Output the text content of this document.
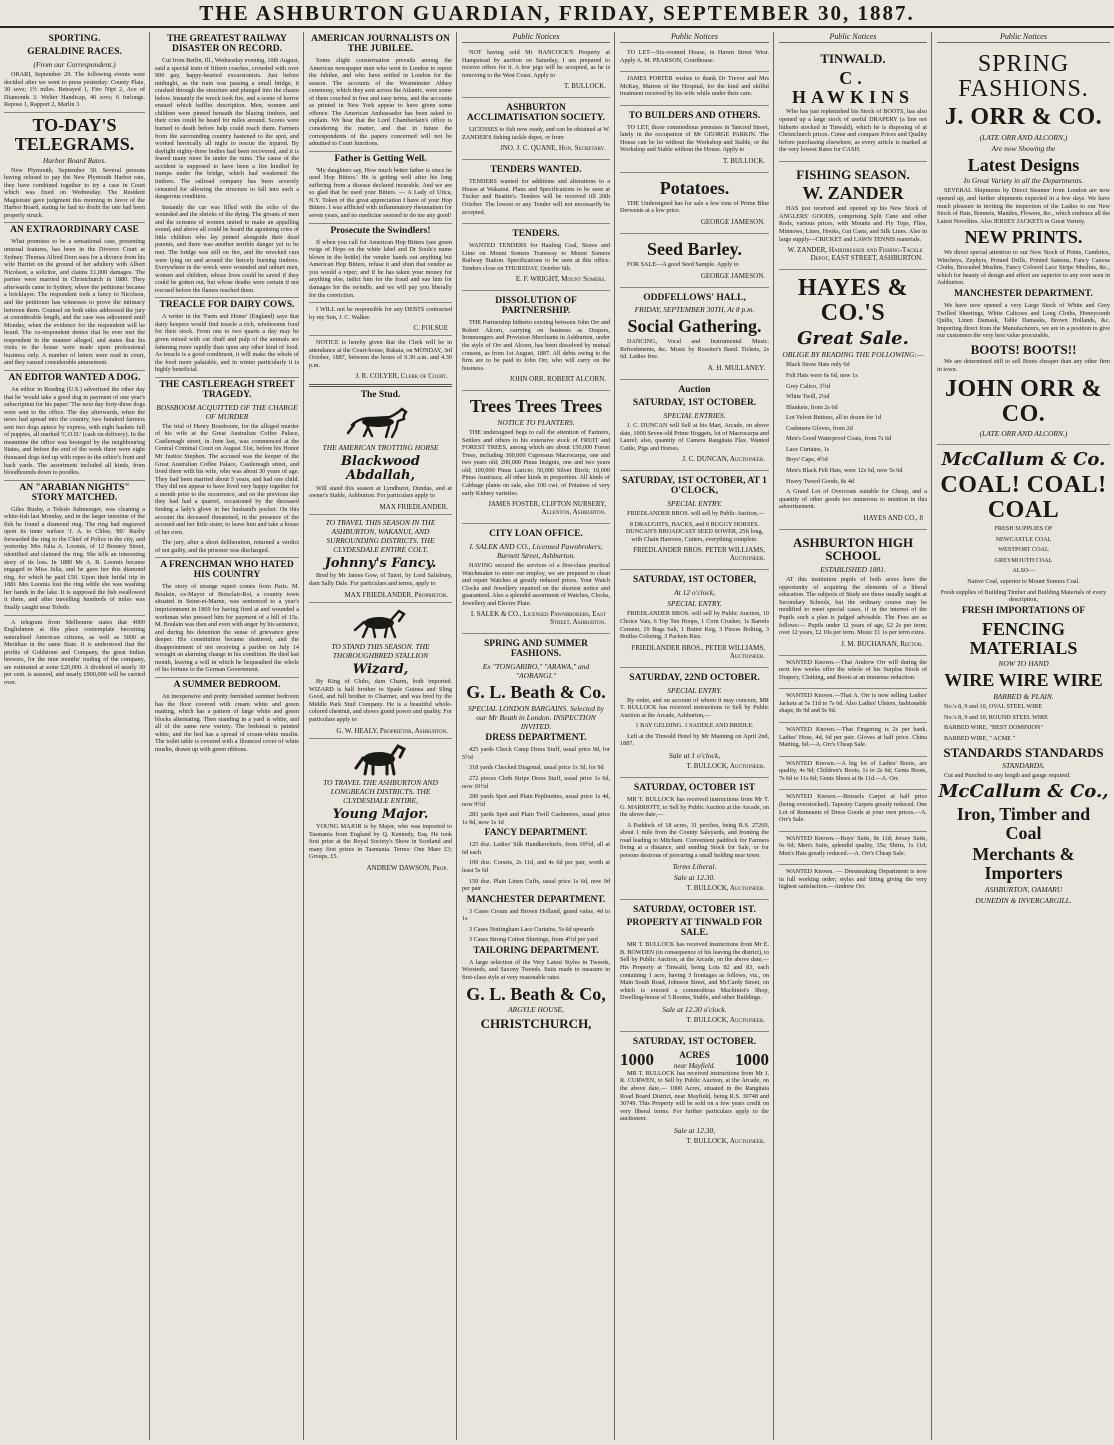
THE ASHBURTON GUARDIAN, FRIDAY, SEPTEMBER 30, 1887.
SPORTING.
GERALDINE RACES.
(From our Correspondent.)

ORARI, September 29. The following events were decided after we went to press yesterday: County Plate, 30 sovs; 1½ miles. Betrayed 1, Fire Nipt 2, Ace of Diamonds 3. Welter Handicap, 40 sovs; 6 furlongs. Repose 1, Rapport 2, Marlin 3.

TO-DAY'S TELEGRAMS.
Harbor Board Rates.

New Plymouth, September 30. Several persons having refused to pay the New Plymouth Harbor rate, they have combined together to try a case in Court which was fixed on Wednesday. The Resident Magistrate gave judgment this morning in favor of the Harbor Board, stating he had no doubt the rate had been properly struck.

AN EXTRAORDINARY CASE

What promises to be a sensational case, presenting unusual features, has been in the Divorce Court at Sydney. Thomas Alfred Dorn sues for a divorce from his wife Harriet on the ground of her adultery with Albert Nicolson, a solicitor, and claims £1,000 damages. The parties were married in Christchurch in 1880. They afterwards came to Sydney, where the petitioner became a bricklayer. The respondent took a fancy to Nicolson, and the petitioner has witnesses to prove the intimacy between them. Counsel on both sides addressed the jury at considerable length, and the case was adjourned until Monday, when the evidence for the respondent will be heard. The co-respondent denies that he ever met the respondent in the manner alleged, and states that his visits to the house were made upon professional business only. A number of letters were read in court, and they caused considerable amusement.

AN EDITOR WANTED A DOG.

An editor in Reading (U.S.) advertised the other day that he 'would take a good dog in payment of one year's subscription for his paper.' The next day forty-three dogs were sent to the office. The day afterwards, when the news had spread into the country, two hundred farmers sent two dogs apiece by express, with eight baskets full of puppies, all marked 'C.O.D.' (cash on delivery). In the meantime the office was besieged by the neighbouring States, and before the end of the week there were eight thousand dogs tied up with ropes to the editor's front and back yards. The assortment included all kinds, from bloodhounds down to poodles.

AN "ARABIAN NIGHTS" STORY MATCHED.

Giles Rusby, a Toledo fishmonger, was cleaning a white-fish last Monday, and in the larger intestine of the fish he found a diamond ring. The ring had engraved upon its inner surface 'J. A. to Chloe, '80.' Rusby forwarded the ring to the Chief of Police in the city, and yesterday Mrs Julia A. Loomis, of 12 Bonney Street, identified and claimed the ring. She tells an interesting story of its loss. In 1880 Mr A. B. Loomis became engaged to Miss Julia, and he gave her this diamond ring, for which he paid £50. Upon their bridal trip in 1881 Mrs Loomis lost the ring while she was washing her hands in the lake. It is supposed the fish swallowed it there, and after travelling hundreds of miles was finally caught near Toledo.

A telegram from Melbourne states that 4000 Englishmen at this place contemplate becoming naturalised American citizens, as well as 5000 at Meridian in the same State. It is understood that the profits of Goldstone and Company, the great Indian brewers, for the nine months' trading of the company, are estimated at some £20,000. A dividend of nearly 30 per cent. is assured, and nearly £900,000 will be carried over.

THE GREATEST RAILWAY DISASTER ON RECORD.

Cut from Berlin, Ill., Wednesday evening, 10th August, said a special train of fifteen coaches, crowded with over 900 gay, happy-hearted excursionists. Just before midnight, as the train was passing a small bridge, it crashed through the structure and plunged into the chasm below. Instantly the wreck took fire, and a scene of horror ensued which baffles description. Men, women and children were pinned beneath the blazing timbers, and their cries could be heard for miles around. Scores were burned to death before help could reach them. Farmers from the surrounding country hastened to the spot, and worked heroically all night to rescue the injured. By daylight eighty-three bodies had been recovered, and it is feared many more lie under the ruins. The cause of the accident is supposed to have been a fire kindled by tramps under the bridge, which had weakened the timbers. The railroad company has been severely censured for allowing the structure to fall into such a dangerous condition.

Instantly the car was filled with the echo of the wounded and the shrieks of the dying. The groans of men and the screams of women united to make an appalling sound, and above all could be heard the agonising cries of little children who lay pinned alongside their dead parents, and there was another terrible danger yet to be met. The bridge was still on fire, and the wrecked cars were lying on and around the fiercely burning timbers. Everywhere in the wreck were wounded and unhurt men, women and children, whose lives could be saved if they could be gotten out, but whose deaths were certain if not rescued before the flames reached them.

TREACLE FOR DAIRY COWS.

A writer in the 'Farm and Home' (England) says that dairy keepers would find treacle a rich, wholesome food for their stock. From one to two quarts a day may be given mixed with cut chaff and pulp of the animals are fattening more rapidly than upon any other kind of food. As treacle is a good condiment, it will make the whole of the food more palatable, and in winter particularly it is highly beneficial.

THE CASTLEREAGH STREET TRAGEDY.
BOSSBOOM ACQUITTED OF THE CHARGE OF MURDER

The trial of Henry Bossboom, for the alleged murder of his wife at the Great Australian Coffee Palace, Castlereagh street, in June last, was commenced at the Central Criminal Court on August 31st, before his Honor Mr Justice Stephen. The accused was the keeper of the Great Australian Coffee Palace, Castlereagh street, and lived there with his wife, who was about 30 years of age. They had been married about 5 years, and had one child. They did not appear to have lived very happy together for a month prior to the occurrence, and on the previous day they had had a quarrel, occasioned by the deceased finding a lady's glove in her husband's pocket. On this account the deceased threatened, in the presence of the accused and her little sister, to leave him and take a house of her own.

The jury, after a short deliberation, returned a verdict of not guilty, and the prisoner was discharged.

A FRENCHMAN WHO HATED HIS COUNTRY

The story of strange rupert comes from Paris. M. Boulain, ex-Mayor of Boisclair-Roi, a country town situated in Seine-et-Marne, was sentenced to a year's imprisonment in 1869 for having fired at and wounded a workman who pressed him for payment of a bill of 15s. M. Boulain was then and even with anger by his sentence, and during his detention the sense of grievance grew deeper. His constitution became shattered, and the disappointment of not receiving a pardon on July 14 wrought an alarming change in his condition. He died last month, leaving a will in which he bequeathed the whole of his fortune to the German Government.

A SUMMER BEDROOM.

An inexpensive and pretty furnished summer bedroom has the floor covered with cream white and green matting, which has a pattern of large white and green blocks alternating. Then standing in a yard is white, and all of the same new variety. The bedstead is painted white, and the bed has a spread of cream-white muslin. The toilet table is covered with a flounced cover of white muslin, drawn up with green ribbons.

AMERICAN JOURNALISTS ON THE JUBILEE.

Some slight consternation prevails among the American newspaper men who went to London to report the Jubilee, and who have settled in London for the season. The accounts of the Westminster Abbey ceremony, which they sent across the Atlantic, were some of them couched in free and easy terms, and the accounts as printed in New York appear to have given some offence. The American Ambassador has been asked to explain. We hear that the Lord Chamberlain's office is considering the matter, and that in future the correspondents of the papers concerned will not be admitted to Court functions.

Father is Getting Well.

'My daughters say, How much better father is since he used Hop Bitters.' He is getting well after his long suffering from a disease declared incurable. And we are so glad that he used your Bitters. — A Lady of Utica, N.Y. Token of the great appreciation I have of your Hop Bitters. I was afflicted with inflammatory rheumatism for seven years, and no medicine seemed to do me any good!

Prosecute the Swindlers!

If when you call for American Hop Bitters (see green twigs of Hops on the white label and Dr Soule's name blown in the bottle) the vendor hands out anything but American Hop Bitters, refuse it and shun that vendor as you would a viper; and if he has taken your money for anything else, indict him for the fraud and sue him for damages for the swindle, and we will pay you liberally for the conviction.

I WILL not be responsible for any DEBTS contracted by my Son, J. C. Walker.

C. FOLSUE

NOTICE is hereby given that the Clerk will be in attendance at the Court-house, Rakaia, on MONDAY, 3rd October, 1887, between the hours of 9.30 a.m. and 4.30 p.m.

J. R. COLYER, Clerk of Court.
The Stud.
THE AMERICAN TROTTING HORSE
Blackwood Abdallah,

Will stand this season at Lyndhurst, Dundas, and at owner's Stable, Ashburton. For particulars apply to

MAX FRIEDLANDER.
TO TRAVEL THIS SEASON IN THE ASHBURTON, WAKANUI, AND SURROUNDING DISTRICTS. THE CLYDESDALE ENTIRE COLT,
Johnny's Fancy.

Bred by Mr James Gow, of Taieri, by Lord Salisbury, dam Sally Dale. For particulars and terms, apply to

MAX FRIEDLANDER, Proprietor.
TO STAND THIS SEASON. THE THOROUGHBRED STALLION
Wizard,

By King of Clubs, dam Charm, both imported. WIZARD is half brother to Spade Guinea and Sling Good, and full brother to Charmer, and was bred by the Middle Park Stud Company. He is a beautiful whole-colored chestnut, and shows grand power and quality. For particulars apply to

G. W. HEALY, Proprietor, Ashburton.
TO TRAVEL THE ASHBURTON AND LONGBEACH DISTRICTS. THE CLYDESDALE ENTIRE,
Young Major.

YOUNG MAJOR is by Major, who was imported to Tasmania from England by Q. Kennedy, Esq. He took first prize at the Royal Society's Show in Scotland and many first prizes in Tasmania. Terms: One Mare £3; Groups, £5.

ANDREW DAWSON, Prop.
Public Notices

NOT having sold Mr HANCOCK'S Property at Hampstead by auction on Saturday, I am prepared to receive offers for it. A few pigs will be accepted, as he is removing to the West Coast. Apply to

T. BULLOCK.
ASHBURTON ACCLIMATISATION SOCIETY.

LICENSES to fish now ready, and can be obtained at W. ZANDER'S fishing tackle depot, or from

JNO. J. C. QUANE, Hon. Secretary.
TENDERS WANTED.

TENDERS wanted for additions and alterations to a House at Wakanui. Plans and Specifications to be seen at Tucker and Beattie's. Tenders will be received till 20th October. The lowest or any Tender will not necessarily be accepted.

TENDERS.

WANTED TENDERS for Hauling Coal, Stores and Lime on Mount Somers Tramway to Mount Somers Railway Station. Specifications to be seen at this office. Tenders close on THURSDAY, October 6th.

E. F. WRIGHT, Mount Somers.
DISSOLUTION OF PARTNERSHIP.

THE Partnership hitherto existing between John Orr and Robert Alcorn, carrying on business as Drapers, Ironmongers and Provision Merchants in Ashburton, under the style of Orr and Alcorn, has been dissolved by mutual consent, as from 1st August, 1887. All debts owing to the firm are to be paid to John Orr, who will carry on the business.

JOHN ORR. ROBERT ALCORN.
Trees Trees Trees
NOTICE TO PLANTERS.

THE undersigned begs to call the attention of Farmers, Settlers and others to his extensive stock of FRUIT and FOREST TREES, among which are about 150,000 Forest Trees, including 300,000 Cupressus Macrocarpa, one and two years old; 200,000 Pinus Insignis, one and two years old; 100,000 Pinus Laricio; 50,000 Silver Birch; 10,000 Pinus Austriaca; all other kinds in proportion. All kinds of Cabbage plants on sale, also 100 cwt. of Potatoes of very early Kidney varieties.

JAMES FOSTER, CLIFTON NURSERY, Allenton, Ashburton.
CITY LOAN OFFICE.
I. SALEK AND CO., Licensed Pawnbrokers, Burnett Street, Ashburton.

HAVING secured the services of a first-class practical Watchmaker to enter our employ, we are prepared to clean and repair Watches at greatly reduced prices. Your Watch Clocks and Jewellery repaired on the shortest notice and guaranteed. Also a splendid assortment of Watches, Clocks, Jewellery and Electro Plate.

I. SALEK & CO., Licensed Pawnbrokers, East Street, Ashburton.
SPRING AND SUMMER FASHIONS.
Ex "TONGARIRO," "ARAWA," and "AORANGI."
G. L. Beath & Co.
SPECIAL LONDON BARGAINS. Selected by our Mr Beath in London. INSPECTION INVITED.
DRESS DEPARTMENT.

425 yards Check Camp Dress Stuff, usual price 9d, for 5½d

318 yards Checked Diagonal, usual price 1s 3d, for 9d

272 pieces Cloth Stripe Dress Stuff, usual price 1s 6d, now 10½d

290 yards Spot and Plain Peplinettes, usual price 1s 4d, now 9½d

283 yards Spot and Plain Twill Cashmeres, usual price 1s 9d, now 1s 1d

FANCY DEPARTMENT.

125 doz. Ladies' Silk Handkerchiefs, from 10½d, all at 6d each

100 doz. Corsets, 2s 11d, and 4s 6d per pair, worth at least 5s 6d

150 doz. Plain Linen Cuffs, usual price 1s 6d, now 9d per pair

MANCHESTER DEPARTMENT.

3 Cases Cream and Brown Holland, grand value, 4d to 1s

3 Cases Nottingham Lace Curtains, 5s 6d upwards

3 Cases Strong Cotton Shirtings, from 4½d per yard

TAILORING DEPARTMENT.

A large selection of the Very Latest Styles in Tweeds, Worsteds, and Saxony Tweeds. Suits made to measure in first-class style at very reasonable rates.

G. L. Beath & Co,
ARGYLE HOUSE,
CHRISTCHURCH,
Public Notices

TO LET—Six-roomed House, in Haven Street West. Apply A. M. PEARSON, Courthouse.

JAMES PORTER wishes to thank Dr Trevor and Mrs McKay, Matron of the Hospital, for the kind and skilful treatment received by his wife while under their care.

TO BUILDERS AND OTHERS.

TO LET, those commodious premises in Tancred Street, lately in the occupation of Mr GEORGE PARKIN. The House can be let without the Workshop and Stable, or the Workshop and Stable without the House. Apply to

T. BULLOCK.
Potatoes.

THE Undersigned has for sale a few tons of Prime Blue Derwents at a low price.

GEORGE JAMESON.
Seed Barley.

FOR SALE—A good Seed Sample. Apply to

GEORGE JAMESON.
ODDFELLOWS' HALL,
FRIDAY, SEPTEMBER 30TH, At 8 p.m.
Social Gathering.

DANCING, Vocal and Instrumental Music. Refreshments, &c. Music by Rossiter's Band. Tickets, 2s 6d. Ladies free.

A. H. MULLANEY.
Auction
SATURDAY, 1ST OCTOBER.
SPECIAL ENTRIES.

J. C. DUNCAN will Sell at his Mart, Arcade, on above date, 1000 Seven-old Prime Hoggets, lot of Macrocarpa and Laurel; also, quantity of Camera Rangitata Flax. Wanted Cattle, Pigs and Horses.

J. C. DUNCAN, Auctioneer.
SATURDAY, 1ST OCTOBER, AT 1 O'CLOCK,
SPECIAL ENTRY.

FRIEDLANDER BROS. will sell by Public Auction,—

8 DRAUGHTS, HACKS, and 8 BUGGY HORSES. DUNCAN'S BROADCAST SEED SOWER, 25ft long, with Chain Harrows, Cutters, everything complete.

FRIEDLANDER BROS. PETER WILLIAMS, Auctioneer.
SATURDAY, 1ST OCTOBER,
At 12 o'clock,
SPECIAL ENTRY.

FRIEDLANDER BROS. will sell by Public Auction, 10 Choice Vats, 6 Top Ten Hoops, 1 Corn Crusher, 1s Barrels Cement, 19 Bags Salt, 1 Butter Keg, 3 Pieces Bolting, 3 Bottles Coloring, 3 Packets Ries.

FRIEDLANDER BROS., PETER WILLIAMS, Auctioneer.
SATURDAY, 22ND OCTOBER.
SPECIAL ENTRY.

By order, and on account of whom it may concern, MR T. BULLOCK has received instructions to Sell by Public Auction at the Arcade, Ashburton,—

1 BAY GELDING. 1 SADDLE AND BRIDLE.

Left at the Tinwald Hotel by Mr Manning on April 2nd, 1887.

Sale at 1 o'clock,
T. BULLOCK, Auctioneer.
SATURDAY, OCTOBER 1ST

MR T. BULLOCK has received instructions from Mr T. G. MARRIOTT, to Sell by Public Auction at the Arcade, on the above date,—

A Paddock of 18 acres, 31 perches, being R.S. 27269, about 1 mile from the County Saleyards, and fronting the road leading to Mitcham. Convenient paddock for Farmers living at a distance, and sending Stock for Sale, or for persons desirous of procuring a small holding near town.

Terms Liberal.
Sale at 12.30.
T. BULLOCK, Auctioneer.
SATURDAY, OCTOBER 1ST.
PROPERTY AT TINWALD FOR SALE.

MR T. BULLOCK has received instructions from Mr E. B. BOWDEN (in consequence of his leaving the district), to Sell by Public Auction, at the Arcade, on the above date,— His Property at Tinwald, being Lots 82 and 83, each containing 1 acre, having 3 frontages as follows, viz., on Main South Road, Johnson Street, and McCardy Street, on which is erected a commodious Machinist's Shop, Dwelling-house of 5 Rooms, Stable, and other Buildings.

Sale at 12.30 o'clock.
T. BULLOCK, Auctioneer.
SATURDAY, 1ST OCTOBER.
1000	ACRES
near Mayfield. 1000

MR T. BULLOCK has received instructions from Mr J. R. CURWEN, to Sell by Public Auction, at the Arcade, on the above date,— 1000 Acres, situated in the Rangitata Road Board District, near Mayfield, being R.S. 30748 and 30749. This Property will be sold on a few years credit on very liberal terms. For further particulars apply to the auctioneer.

Sale at 12.30,
T. BULLOCK, Auctioneer.
Public Notices
TINWALD.
C. HAWKINS

Who has just replenished his Stock of BOOTS, has also opened up a large stock of useful DRAPERY (a line not hitherto stocked in Tinwald), which he is disposing of at Christchurch prices. Come and compare Prices and Quality before purchasing elsewhere, as every article is marked at the very lowest Rates for CASH.

FISHING SEASON.
W. ZANDER

HAS just received and opened up his New Stock of ANGLERS' GOODS, comprising Split Cane and other Rods, various prices, with Mounts and Fly Tops, Flies, Minnows, Lines, Hooks, Gut Casts, and Silk Lines. Also in large supply—CRICKET and LAWN TENNIS materials.

W. ZANDER, Hairdresser and Fishing-Tackle Depot, EAST STREET, ASHBURTON.
HAYES & CO.'S
Great Sale.
OBLIGE BY READING THE FOLLOWING:—

Black Straw Hats only 6d

Felt Hats were 6s 6d, now 1s

Grey Calico, 3½d

White Twill, 2¼d

Blankets, from 2s 6d

Lot Velvet Buttons, all to dozen for 1d

Cashmere Gloves, from 2d

Men's Good Waterproof Coats, from 7s 6d

Lace Curtains, 1s

Boys' Caps, 4½d

Men's Black Felt Hats, were 12s 6d, now 5s 6d

Heavy Tweed Goods, 8s 4d

A Grand Lot of Overcoats suitable for Cheap, and a quantity of other goods too numerous to mention in this advertisement.

HAYES AND CO., 8
ASHBURTON HIGH SCHOOL
ESTABLISHED 1881.

AT this institution pupils of both sexes have the opportunity of acquiring the elements of a liberal education. The subjects of Study are those usually taught at Secondary Schools, but the ordinary course may be modified to meet special cases, if in the interest of the Pupils such a plan is judged advisable. The Fees are as follows:— Pupils under 12 years of age, £2 2s per term; over 12 years, £2 10s per term. Music £1 1s per term extra.

J. M. BUCHANAN, Rector.

WANTED Known.—That Andrew Orr will during the next few weeks offer the whole of his Surplus Stock of Drapery, Clothing, and Boots at an immense reduction.

WANTED Known.—That A. Orr is now selling Ladies' Jackets at 5s 11d to 7s 6d. Also Ladies' Ulsters, fashionable shape, 8s 9d and 9s 9d.

WANTED Known.—That Fingering is 2s per hank. Ladies' Hose, 4d, 6d per pair. Gloves at half price. China Matting, 6d.—A. Orr's Cheap Sale.

WANTED Known.—A big lot of Ladies' Boots, are quality, 4s 9d; Children's Boots, 1s to 2s 6d; Gents Boots, 7s 6d to 11s 6d; Gents Shoes at 8s 11d.—A. Orr.

WANTED Known.—Brussels Carpet at half price (being overstocked). Tapestry Carpets greatly reduced. One Lot of Remnants of Dress Goods at your own prices.—A. Orr's Sale.

WANTED Known.—Boys' Suits, 8s 11d; Jersey Suits, 6s 6d; Men's Suits, splendid quality, 35s; Shirts, 1s 11d; Men's Hats greatly reduced.—A. Orr's Cheap Sale.

WANTED Known. — Dressmaking Department is now in full working order; styles and fitting giving the very highest satisfaction.—Andrew Orr.

Public Notices
SPRING FASHIONS.
J. ORR & CO.
(LATE ORR AND ALCORN,)
Are now Showing the
Latest Designs
In Great Variety in all the Departments.

SEVERAL Shipments by Direct Steamer from London are now opened up, and further shipments expected in a few days. We have much pleasure in inviting the inspection of the Ladies to our New Stock of Hats, Bonnets, Mantles, Flowers, &c., which embrace all the Latest Novelties. Also JERSEY JACKETS in Great Variety.

NEW PRINTS.

We direct special attention to our New Stock of Prints, Cambrics, Wincheys, Zephyrs, Printed Drills, Printed Sateens, Fancy Canvas Cloths, Brocaded Muslins, Fancy Colored Lace Stripe Muslins, &c., which for beauty of design and effect are superior to any ever seen in Ashburton.

MANCHESTER DEPARTMENT.

We have now opened a very Large Stock of White and Grey Twilled Sheetings, White Calicoes and Long Cloths, Honeycomb Quilts, Linen Damask, Table Damasks, Brown Hollands, &c. Importing direct from the Manufacturers, we are in a position to give our customers the very best value procurable.

BOOTS! BOOTS!!

We are determined still to sell Boots cheaper than any other firm in town.

JOHN ORR & CO.
(LATE ORR AND ALCORN.)
McCallum & Co.
COAL! COAL! COAL

FRESH SUPPLIES OF

NEWCASTLE COAL

WESTPORT COAL

GREYMOUTH COAL

ALSO—

Native Coal, superior to Mount Somers Coal.

Fresh supplies of Building Timber and Building Materials of every description,

FRESH IMPORTATIONS OF
FENCING MATERIALS
NOW TO HAND
WIRE WIRE WIRE
BARBED & PLAIN.

No.'s 8, 9 and 10, OVAL STEEL WIRE

No.'s 8, 9 and 10, ROUND STEEL WIRE

BARBED WIRE, "BEST DOMINION"

BARBED WIRE, " ACME "

STANDARDS STANDARDS
STANDARDS.

Cut and Punched to any length and gauge required.

McCallum & Co.,
Iron, Timber and Coal
Merchants & Importers
ASHBURTON, OAMARU
DUNEDIN & INVERCARGILL.
